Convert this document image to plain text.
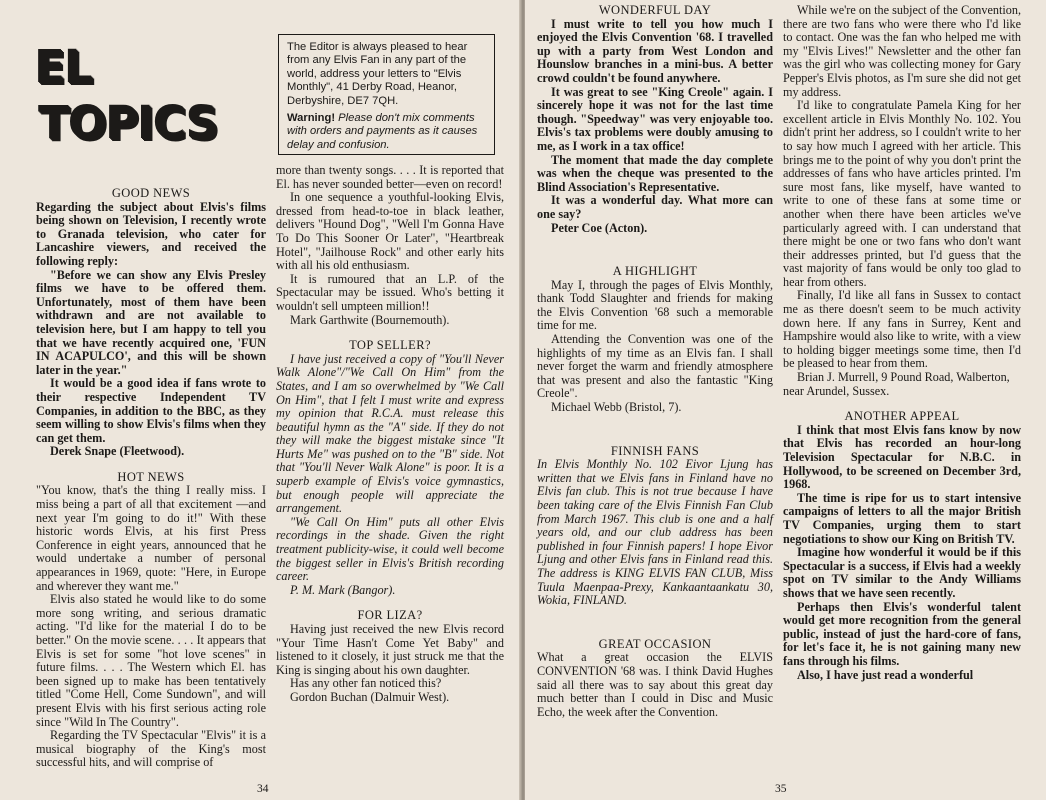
EL
TOPICS

The Editor is always pleased to hear from any Elvis Fan in any part of the world, address your letters to "Elvis Monthly", 41 Derby Road, Heanor, Derbyshire, DE7 7QH.

Warning! Please don't mix comments with orders and payments as it causes delay and confusion.

GOOD NEWS

Regarding the subject about Elvis's films being shown on Television, I recently wrote to Granada television, who cater for Lancashire viewers, and received the following reply:

"Before we can show any Elvis Presley films we have to be offered them. Unfortunately, most of them have been withdrawn and are not available to television here, but I am happy to tell you that we have recently acquired one, 'FUN IN ACAPULCO', and this will be shown later in the year."

It would be a good idea if fans wrote to their respective Independent TV Companies, in addition to the BBC, as they seem willing to show Elvis's films when they can get them.

Derek Snape (Fleetwood).

HOT NEWS

"You know, that's the thing I really miss. I miss being a part of all that excitement —and next year I'm going to do it!" With these historic words Elvis, at his first Press Conference in eight years, announced that he would undertake a number of personal appearances in 1969, quote: "Here, in Europe and wherever they want me."

Elvis also stated he would like to do some more song writing, and serious dramatic acting. "I'd like for the material I do to be better." On the movie scene. . . . It appears that Elvis is set for some "hot love scenes" in future films. . . . The Western which El. has been signed up to make has been tentatively titled "Come Hell, Come Sundown", and will present Elvis with his first serious acting role since "Wild In The Country".

Regarding the TV Spectacular "Elvis" it is a musical biography of the King's most successful hits, and will comprise of

more than twenty songs. . . . It is reported that El. has never sounded better—even on record!

In one sequence a youthful-looking Elvis, dressed from head-to-toe in black leather, delivers "Hound Dog", "Well I'm Gonna Have To Do This Sooner Or Later", "Heartbreak Hotel", "Jailhouse Rock" and other early hits with all his old enthusiasm.

It is rumoured that an L.P. of the Spectacular may be issued. Who's betting it wouldn't sell umpteen million!!

Mark Garthwite (Bournemouth).

TOP SELLER?

I have just received a copy of "You'll Never Walk Alone"/"We Call On Him" from the States, and I am so overwhelmed by "We Call On Him", that I felt I must write and express my opinion that R.C.A. must release this beautiful hymn as the "A" side. If they do not they will make the biggest mistake since "It Hurts Me" was pushed on to the "B" side. Not that "You'll Never Walk Alone" is poor. It is a superb example of Elvis's voice gymnastics, but enough people will appreciate the arrangement.

"We Call On Him" puts all other Elvis recordings in the shade. Given the right treatment publicity-wise, it could well become the biggest seller in Elvis's British recording career.

P. M. Mark (Bangor).

FOR LIZA?

Having just received the new Elvis record "Your Time Hasn't Come Yet Baby" and listened to it closely, it just struck me that the King is singing about his own daughter.

Has any other fan noticed this?

Gordon Buchan (Dalmuir West).

34
WONDERFUL DAY

I must write to tell you how much I enjoyed the Elvis Convention '68. I travelled up with a party from West London and Hounslow branches in a mini-bus. A better crowd couldn't be found anywhere.

It was great to see "King Creole" again. I sincerely hope it was not for the last time though. "Speedway" was very enjoyable too. Elvis's tax problems were doubly amusing to me, as I work in a tax office!

The moment that made the day complete was when the cheque was presented to the Blind Association's Representative.

It was a wonderful day. What more can one say?

Peter Coe (Acton).

A HIGHLIGHT

May I, through the pages of Elvis Monthly, thank Todd Slaughter and friends for making the Elvis Convention '68 such a memorable time for me.

Attending the Convention was one of the highlights of my time as an Elvis fan. I shall never forget the warm and friendly atmosphere that was present and also the fantastic "King Creole".

Michael Webb (Bristol, 7).

FINNISH FANS

In Elvis Monthly No. 102 Eivor Ljung has written that we Elvis fans in Finland have no Elvis fan club. This is not true because I have been taking care of the Elvis Finnish Fan Club from March 1967. This club is one and a half years old, and our club address has been published in four Finnish papers! I hope Eivor Ljung and other Elvis fans in Finland read this. The address is KING ELVIS FAN CLUB, Miss Tuula Maenpaa-Prexy, Kankaantaankatu 30, Wokia, FINLAND.

GREAT OCCASION

What a great occasion the ELVIS CONVENTION '68 was. I think David Hughes said all there was to say about this great day much better than I could in Disc and Music Echo, the week after the Convention.

While we're on the subject of the Convention, there are two fans who were there who I'd like to contact. One was the fan who helped me with my "Elvis Lives!" Newsletter and the other fan was the girl who was collecting money for Gary Pepper's Elvis photos, as I'm sure she did not get my address.

I'd like to congratulate Pamela King for her excellent article in Elvis Monthly No. 102. You didn't print her address, so I couldn't write to her to say how much I agreed with her article. This brings me to the point of why you don't print the addresses of fans who have articles printed. I'm sure most fans, like myself, have wanted to write to one of these fans at some time or another when there have been articles we've particularly agreed with. I can understand that there might be one or two fans who don't want their addresses printed, but I'd guess that the vast majority of fans would be only too glad to hear from others.

Finally, I'd like all fans in Sussex to contact me as there doesn't seem to be much activity down here. If any fans in Surrey, Kent and Hampshire would also like to write, with a view to holding bigger meetings some time, then I'd be pleased to hear from them.

Brian J. Murrell, 9 Pound Road, Walberton, near Arundel, Sussex.

ANOTHER APPEAL

I think that most Elvis fans know by now that Elvis has recorded an hour-long Television Spectacular for N.B.C. in Hollywood, to be screened on December 3rd, 1968.

The time is ripe for us to start intensive campaigns of letters to all the major British TV Companies, urging them to start negotiations to show our King on British TV.

Imagine how wonderful it would be if this Spectacular is a success, if Elvis had a weekly spot on TV similar to the Andy Williams shows that we have seen recently.

Perhaps then Elvis's wonderful talent would get more recognition from the general public, instead of just the hard-core of fans, for let's face it, he is not gaining many new fans through his films.

Also, I have just read a wonderful

35
